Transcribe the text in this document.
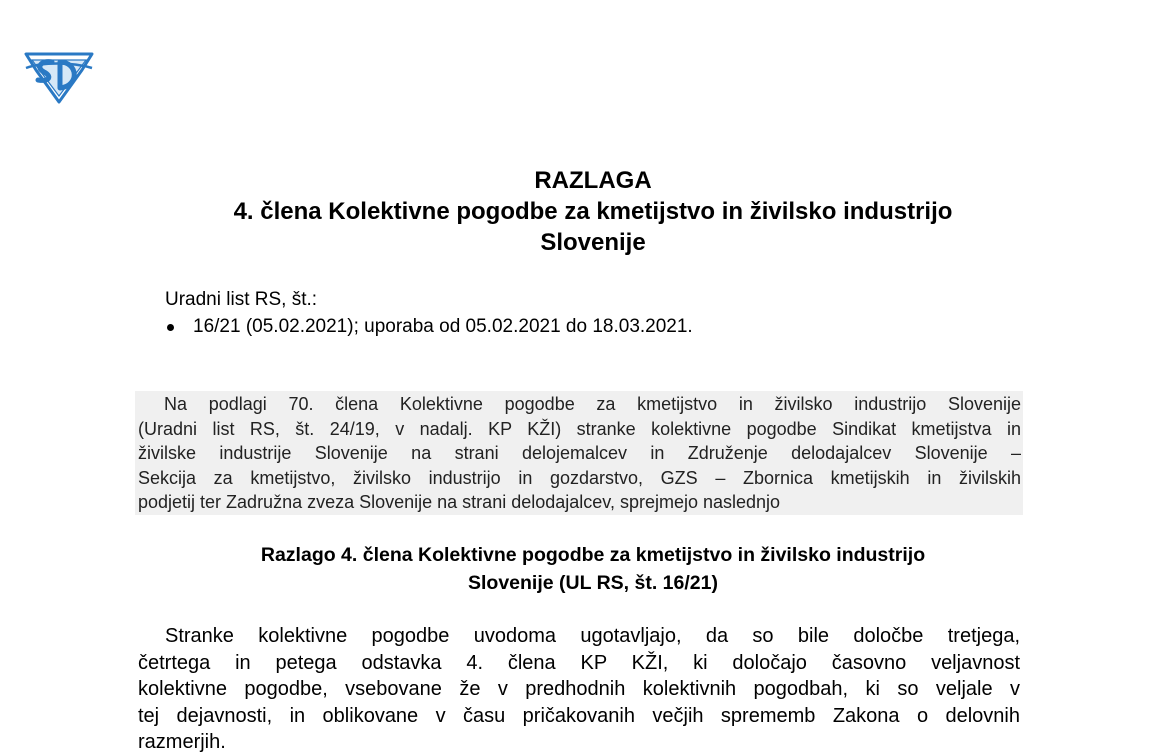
RAZLAGA
4. člena Kolektivne pogodbe za kmetijstvo in živilsko industrijo
Slovenije
Uradni list RS, št.:
16/21 (05.02.2021); uporaba od 05.02.2021 do 18.03.2021.
Na podlagi 70. člena Kolektivne pogodbe za kmetijstvo in živilsko industrijo Slovenije
(Uradni list RS, št. 24/19, v nadalj. KP KŽI) stranke kolektivne pogodbe Sindikat kmetijstva in
živilske industrije Slovenije na strani delojemalcev in Združenje delodajalcev Slovenije –
Sekcija za kmetijstvo, živilsko industrijo in gozdarstvo, GZS – Zbornica kmetijskih in živilskih
podjetij ter Zadružna zveza Slovenije na strani delodajalcev, sprejmejo naslednjo
Razlago 4. člena Kolektivne pogodbe za kmetijstvo in živilsko industrijo
Slovenije (UL RS, št. 16/21)
Stranke kolektivne pogodbe uvodoma ugotavljajo, da so bile določbe tretjega,
četrtega in petega odstavka 4. člena KP KŽI, ki določajo časovno veljavnost
kolektivne pogodbe, vsebovane že v predhodnih kolektivnih pogodbah, ki so veljale v
tej dejavnosti, in oblikovane v času pričakovanih večjih sprememb Zakona o delovnih
razmerjih.
